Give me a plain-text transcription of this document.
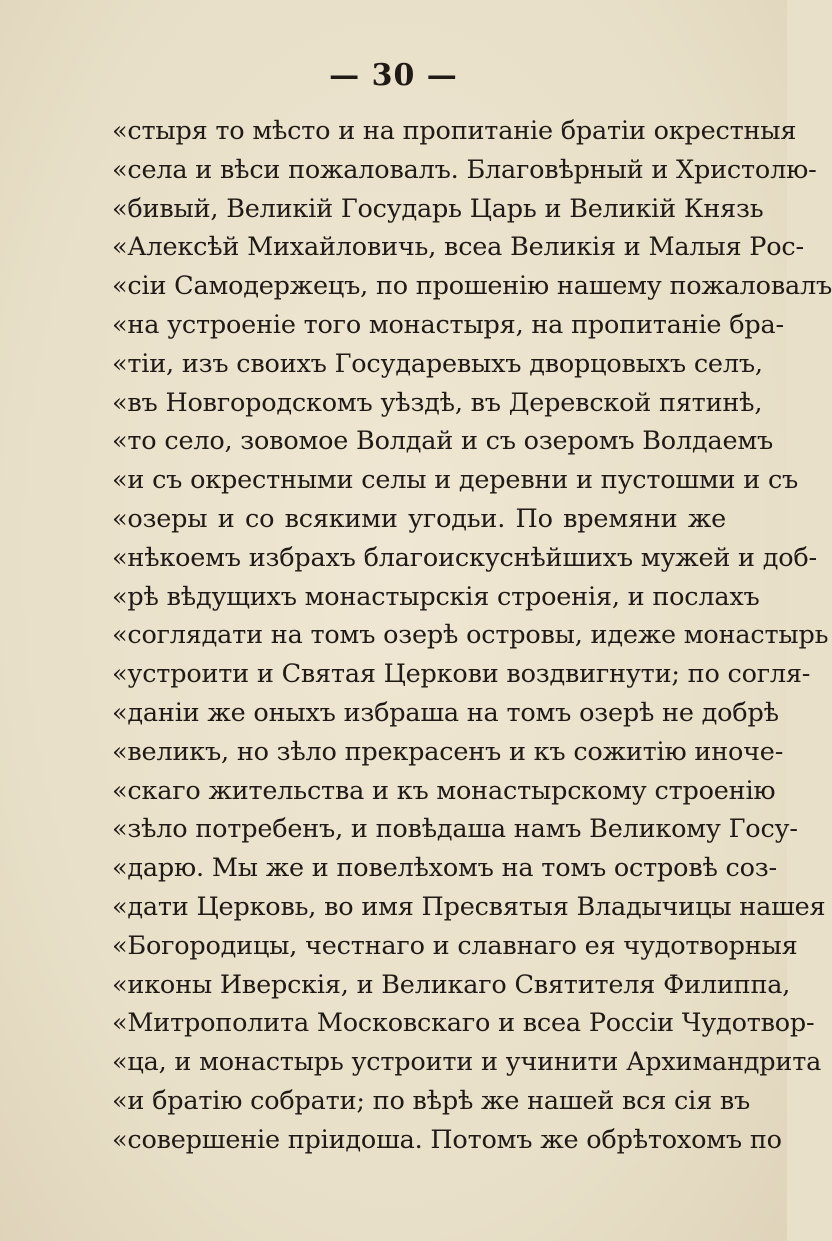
— 30 —
«стыря то мѣсто и на пропитаніе братіи окрестныя
«села и вѣси пожаловалъ. Благовѣрный и Христолю-
«бивый, Великій Государь Царь и Великій Князь
«Алексѣй Михайловичь, всеа Великія и Малыя Рос-
«сіи Самодержецъ, по прошенію нашему пожаловалъ
«на устроеніе того монастыря, на пропитаніе бра-
«тіи, изъ своихъ Государевыхъ дворцовыхъ селъ,
«въ Новгородскомъ уѣздѣ, въ Деревской пятинѣ,
«то село, зовомое Волдай и съ озеромъ Волдаемъ
«и съ окрестными селы и деревни и пустошми и съ
«озеры и со всякими угодьи. По времяни же
«нѣкоемъ избрахъ благоискуснѣйшихъ мужей и доб-
«рѣ вѣдущихъ монастырскія строенія, и послахъ
«соглядати на томъ озерѣ островы, идеже монастырь
«устроити и Святая Церкови воздвигнути; по согля-
«даніи же оныхъ избраша на томъ озерѣ не добрѣ
«великъ, но зѣло прекрасенъ и къ сожитію иноче-
«скаго жительства и къ монастырскому строенію
«зѣло потребенъ, и повѣдаша намъ Великому Госу-
«дарю. Мы же и повелѣхомъ на томъ островѣ соз-
«дати Церковь, во имя Пресвятыя Владычицы нашея
«Богородицы, честнаго и славнаго ея чудотворныя
«иконы Иверскія, и Великаго Святителя Филиппа,
«Митрополита Московскаго и всеа Россіи Чудотвор-
«ца, и монастырь устроити и учинити Архимандрита
«и братію собрати; по вѣрѣ же нашей вся сія въ
«совершеніе пріидоша. Потомъ же обрѣтохомъ по
